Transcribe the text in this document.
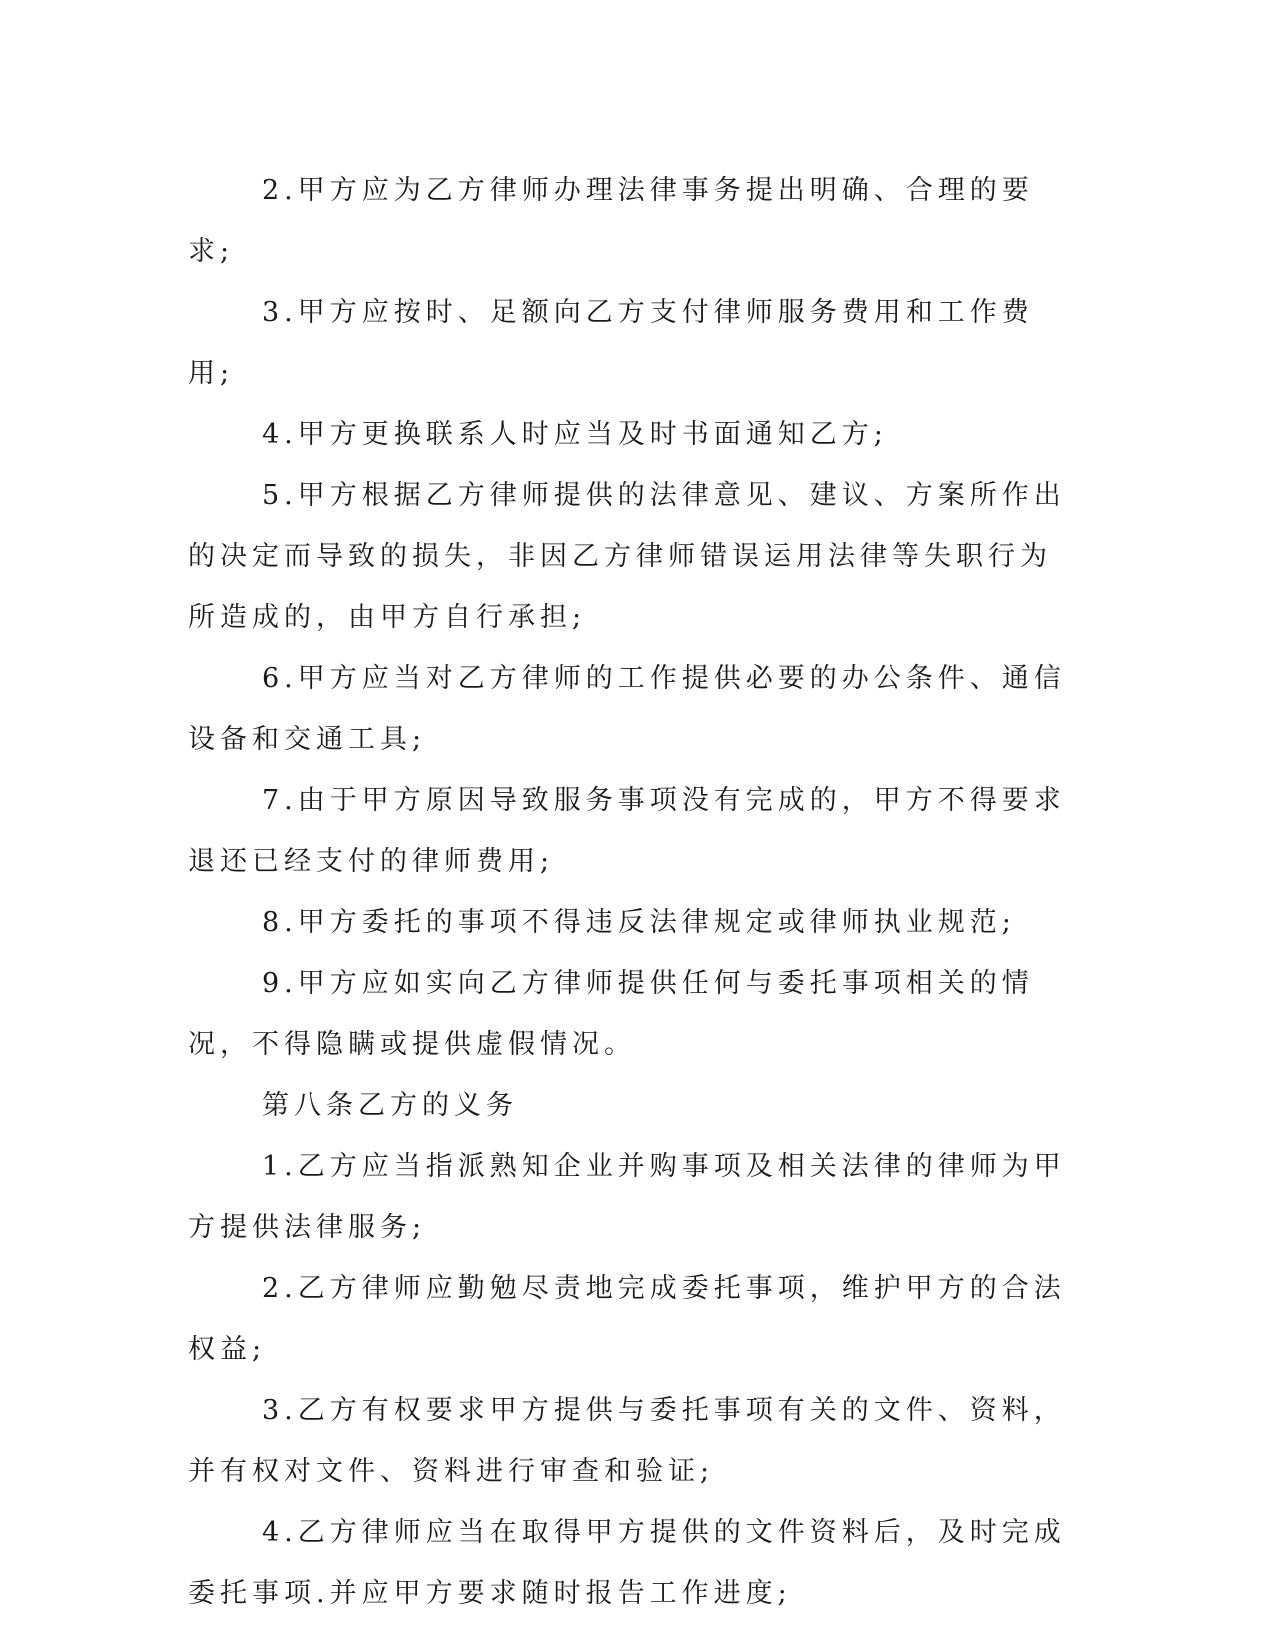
2.甲方应为乙方律师办理法律事务提出明确、合理的要求;

3.甲方应按时、足额向乙方支付律师服务费用和工作费用;

4.甲方更换联系人时应当及时书面通知乙方;

5.甲方根据乙方律师提供的法律意见、建议、方案所作出的决定而导致的损失，非因乙方律师错误运用法律等失职行为所造成的，由甲方自行承担;

6.甲方应当对乙方律师的工作提供必要的办公条件、通信设备和交通工具;

7.由于甲方原因导致服务事项没有完成的，甲方不得要求退还已经支付的律师费用;

8.甲方委托的事项不得违反法律规定或律师执业规范;

9.甲方应如实向乙方律师提供任何与委托事项相关的情况，不得隐瞒或提供虚假情况。

第八条乙方的义务

1.乙方应当指派熟知企业并购事项及相关法律的律师为甲方提供法律服务;

2.乙方律师应勤勉尽责地完成委托事项，维护甲方的合法权益;

3.乙方有权要求甲方提供与委托事项有关的文件、资料，并有权对文件、资料进行审查和验证;

4.乙方律师应当在取得甲方提供的文件资料后，及时完成委托事项.并应甲方要求随时报告工作进度;
